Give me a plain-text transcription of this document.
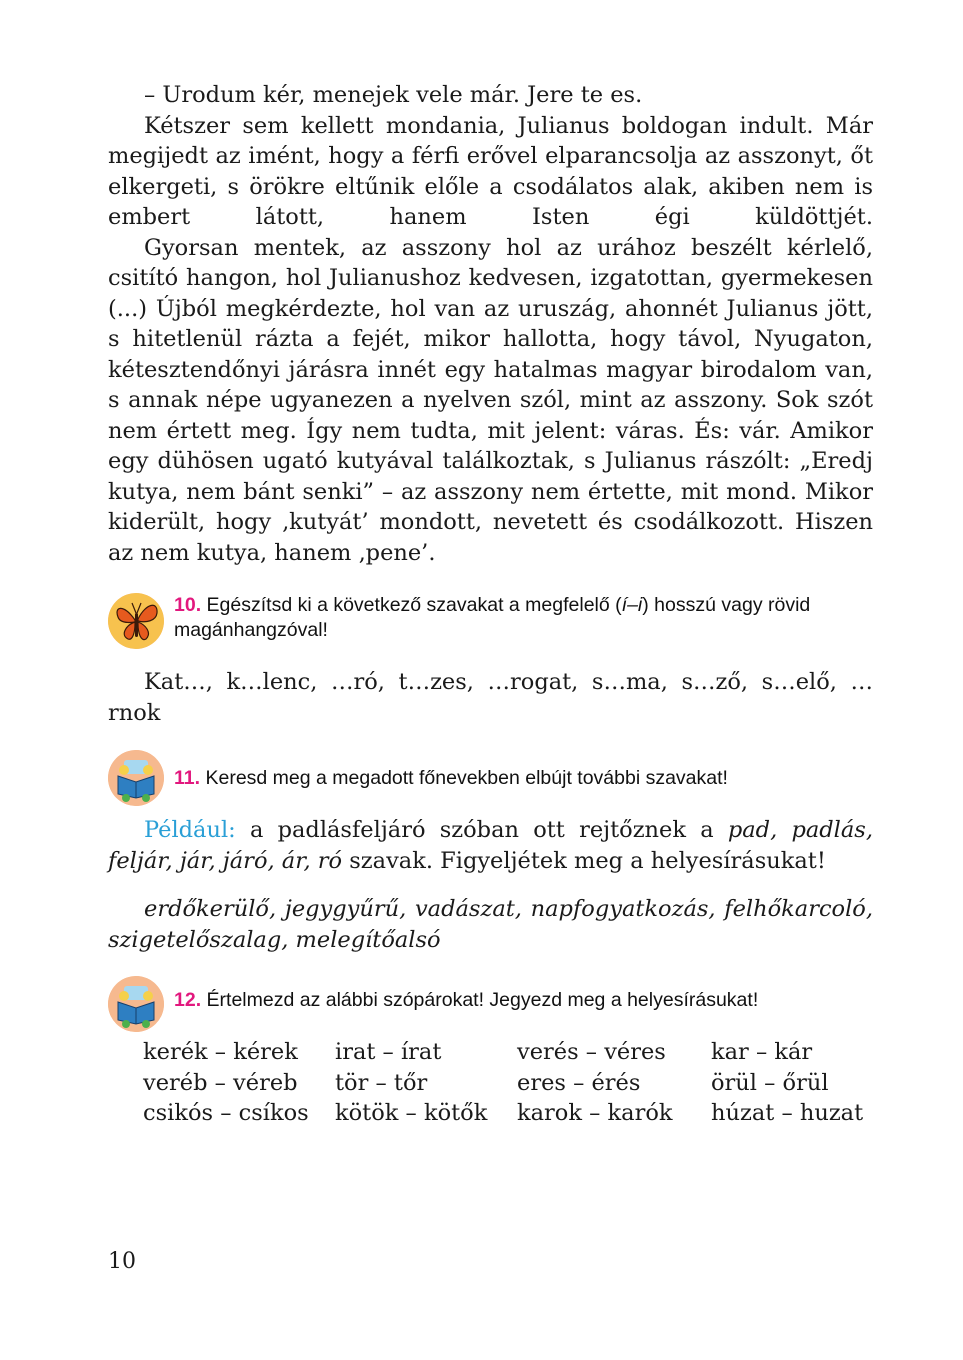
– Urodum kér, menejek vele már. Jere te es.

Kétszer sem kellett mondania, Julianus boldogan indult. Már megijedt az imént, hogy a férfi erővel elparancsolja az asszonyt, őt elkergeti, s örökre eltűnik előle a csodálatos alak, akiben nem is embert látott, hanem Isten égi küldöttjét.

Gyorsan mentek, az asszony hol az urához beszélt kérlelő, csitító hangon, hol Julianushoz kedvesen, izgatottan, gyermekesen (...) Újból megkérdezte, hol van az uruszág, ahonnét Julianus jött, s hitetlenül rázta a fejét, mikor hallotta, hogy távol, Nyugaton, kétesztendőnyi járásra innét egy hatalmas magyar birodalom van, s annak népe ugyanezen a nyelven szól, mint az asszony. Sok szót nem értett meg. Így nem tudta, mit jelent: váras. És: vár. Amikor egy dühösen ugató kutyával találkoztak, s Julianus rászólt: „Eredj kutya, nem bánt senki” – az asszony nem értette, mit mond. Mikor kiderült, hogy ‚kutyát’ mondott, nevetett és csodálkozott. Hiszen az nem kutya, hanem ‚pene’.

10. Egészítsd ki a következő szavakat a megfelelő (í–i) hosszú vagy rövid magánhangzóval!

Kat…, k…lenc, …ró, t…zes, …rogat, s…ma, s…ző, s…elő, …

rnok

11. Keresd meg a megadott főnevekben elbújt további szavakat!

Például: a padlásfeljáró szóban ott rejtőznek a pad, padlás, feljár, jár, járó, ár, ró szavak. Figyeljétek meg a helyesírásukat!

erdőkerülő, jegygyűrű, vadászat, napfogyatkozás, felhőkarcoló, szigetelőszalag, melegítőalsó

12. Értelmezd az alábbi szópárokat! Jegyezd meg a helyesírásukat!
kerék – kérek	irat – írat	verés – véres	kar – kár
veréb – véreb	tör – tőr	eres – érés	örül – őrül
csikós – csíkos	kötök – kötők	karok – karók	húzat – huzat
10
